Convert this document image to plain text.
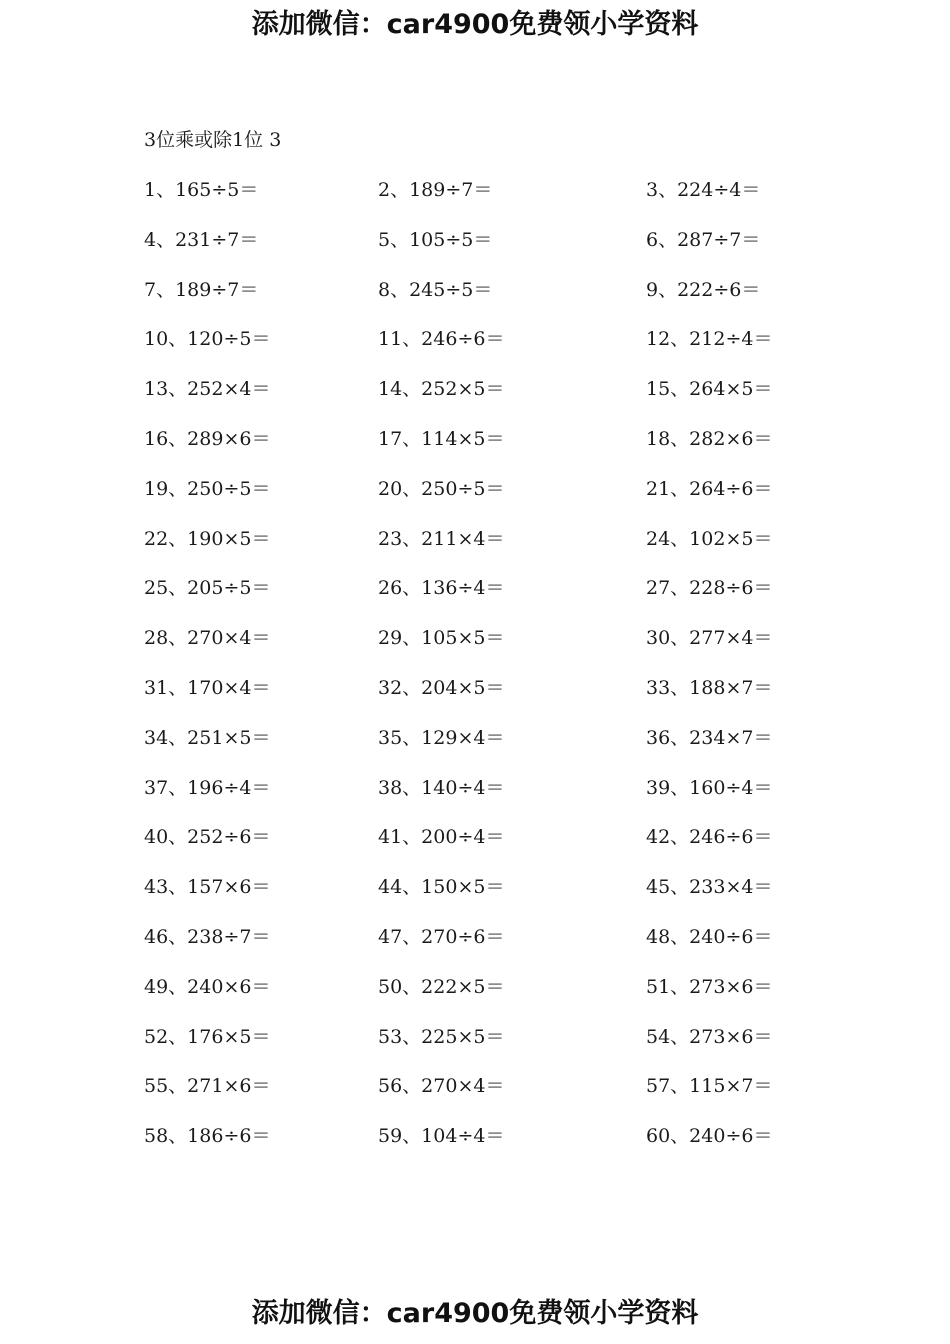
添加微信：car4900免费领小学资料
3位乘或除1位 3
1、165÷5＝	2、189÷7＝	3、224÷4＝
4、231÷7＝	5、105÷5＝	6、287÷7＝
7、189÷7＝	8、245÷5＝	9、222÷6＝
10、120÷5＝	11、246÷6＝	12、212÷4＝
13、252×4＝	14、252×5＝	15、264×5＝
16、289×6＝	17、114×5＝	18、282×6＝
19、250÷5＝	20、250÷5＝	21、264÷6＝
22、190×5＝	23、211×4＝	24、102×5＝
25、205÷5＝	26、136÷4＝	27、228÷6＝
28、270×4＝	29、105×5＝	30、277×4＝
31、170×4＝	32、204×5＝	33、188×7＝
34、251×5＝	35、129×4＝	36、234×7＝
37、196÷4＝	38、140÷4＝	39、160÷4＝
40、252÷6＝	41、200÷4＝	42、246÷6＝
43、157×6＝	44、150×5＝	45、233×4＝
46、238÷7＝	47、270÷6＝	48、240÷6＝
49、240×6＝	50、222×5＝	51、273×6＝
52、176×5＝	53、225×5＝	54、273×6＝
55、271×6＝	56、270×4＝	57、115×7＝
58、186÷6＝	59、104÷4＝	60、240÷6＝
添加微信：car4900免费领小学资料
